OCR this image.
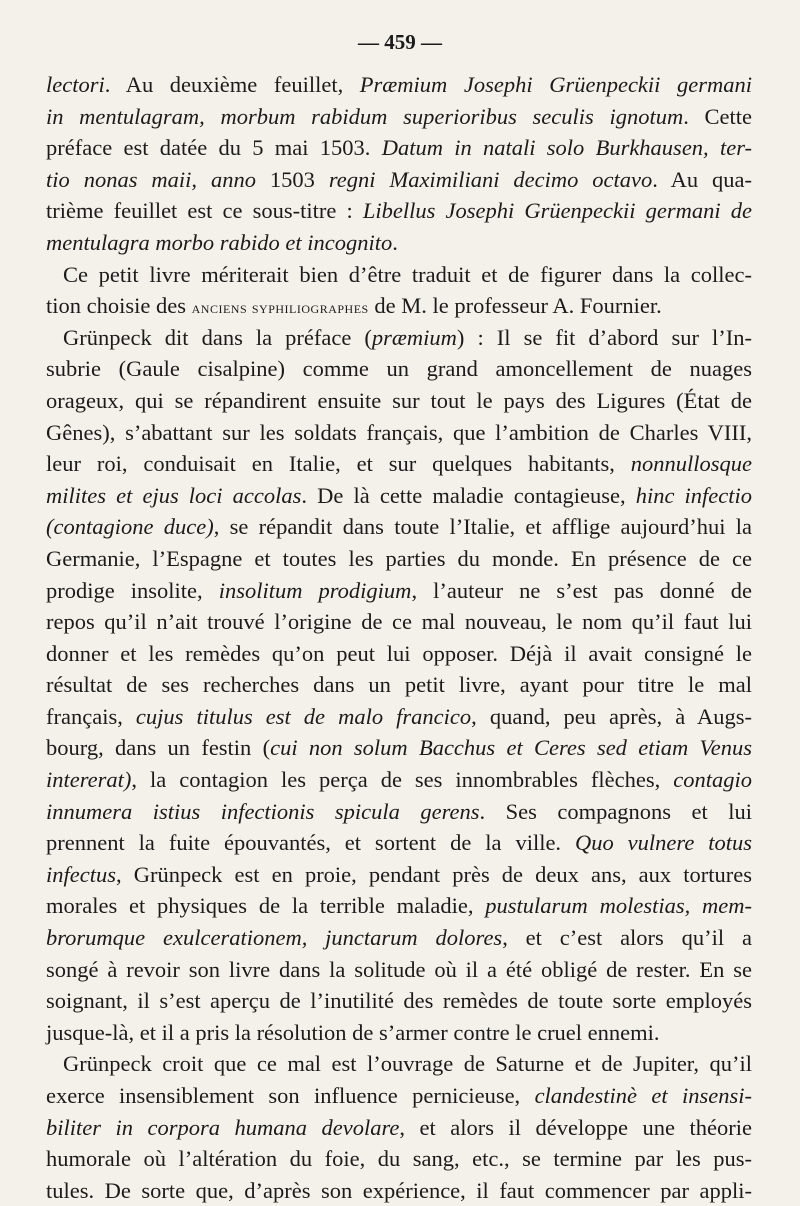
— 459 —
lectori. Au deuxième feuillet, Præmium Josephi Grüenpeckii germani
in mentulagram, morbum rabidum superioribus seculis ignotum. Cette
préface est datée du 5 mai 1503. Datum in natali solo Burkhausen, ter-
tio nonas maii, anno 1503 regni Maximiliani decimo octavo. Au qua-
trième feuillet est ce sous-titre : Libellus Josephi Grüenpeckii germani de
mentulagra morbo rabido et incognito.
Ce petit livre mériterait bien d’être traduit et de figurer dans la collec-
tion choisie des anciens syphiliographes de M. le professeur A. Fournier.
Grünpeck dit dans la préface (præmium) : Il se fit d’abord sur l’In-
subrie (Gaule cisalpine) comme un grand amoncellement de nuages
orageux, qui se répandirent ensuite sur tout le pays des Ligures (État de
Gênes), s’abattant sur les soldats français, que l’ambition de Charles VIII,
leur roi, conduisait en Italie, et sur quelques habitants, nonnullosque
milites et ejus loci accolas. De là cette maladie contagieuse, hinc infectio
(contagione duce), se répandit dans toute l’Italie, et afflige aujourd’hui la
Germanie, l’Espagne et toutes les parties du monde. En présence de ce
prodige insolite, insolitum prodigium, l’auteur ne s’est pas donné de
repos qu’il n’ait trouvé l’origine de ce mal nouveau, le nom qu’il faut lui
donner et les remèdes qu’on peut lui opposer. Déjà il avait consigné le
résultat de ses recherches dans un petit livre, ayant pour titre le mal
français, cujus titulus est de malo francico, quand, peu après, à Augs-
bourg, dans un festin (cui non solum Bacchus et Ceres sed etiam Venus
intererat), la contagion les perça de ses innombrables flèches, contagio
innumera istius infectionis spicula gerens. Ses compagnons et lui
prennent la fuite épouvantés, et sortent de la ville. Quo vulnere totus
infectus, Grünpeck est en proie, pendant près de deux ans, aux tortures
morales et physiques de la terrible maladie, pustularum molestias, mem-
brorumque exulcerationem, junctarum dolores, et c’est alors qu’il a
songé à revoir son livre dans la solitude où il a été obligé de rester. En se
soignant, il s’est aperçu de l’inutilité des remèdes de toute sorte employés
jusque-là, et il a pris la résolution de s’armer contre le cruel ennemi.
Grünpeck croit que ce mal est l’ouvrage de Saturne et de Jupiter, qu’il
exerce insensiblement son influence pernicieuse, clandestinè et insensi-
biliter in corpora humana devolare, et alors il développe une théorie
humorale où l’altération du foie, du sang, etc., se termine par les pus-
tules. De sorte que, d’après son expérience, il faut commencer par appli-
